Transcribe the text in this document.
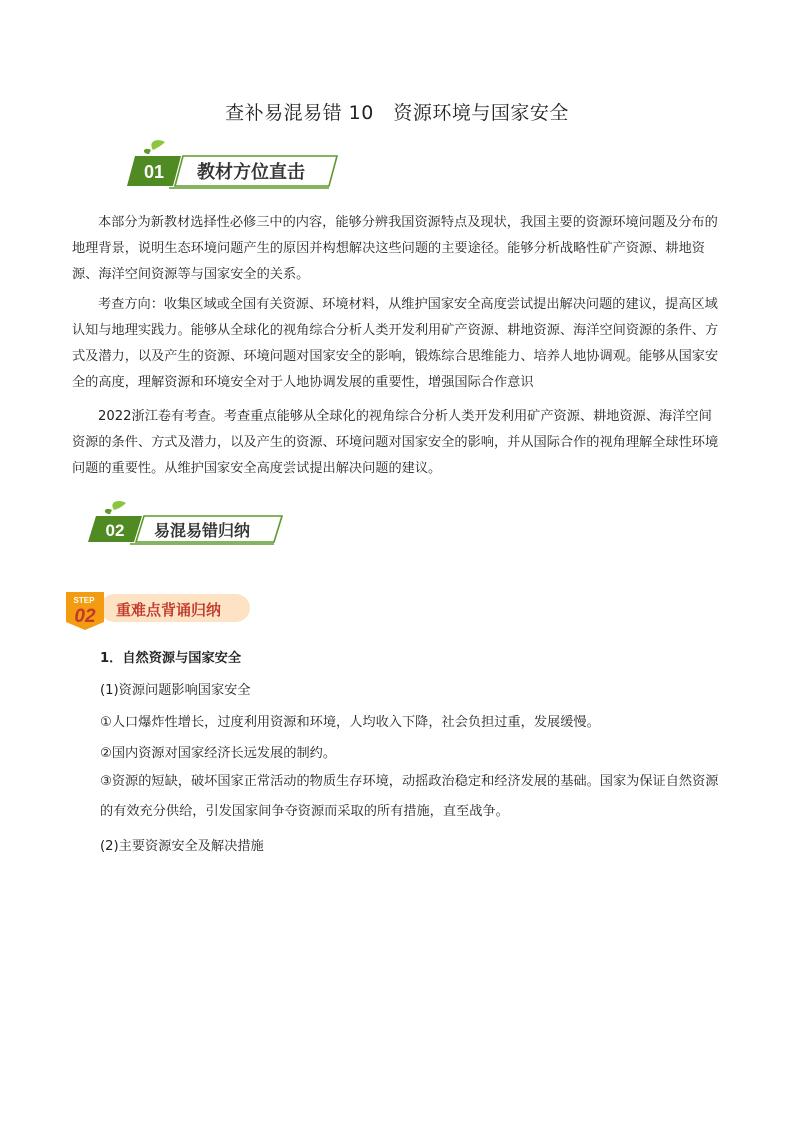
查补易混易错 10　资源环境与国家安全
01 教材方位直击

本部分为新教材选择性必修三中的内容，能够分辨我国资源特点及现状，我国主要的资源环境问题及分布的地理背景，说明生态环境问题产生的原因并构想解决这些问题的主要途径。能够分析战略性矿产资源、耕地资源、海洋空间资源等与国家安全的关系。

考查方向：收集区域或全国有关资源、环境材料，从维护国家安全高度尝试提出解决问题的建议，提高区域认知与地理实践力。能够从全球化的视角综合分析人类开发利用矿产资源、耕地资源、海洋空间资源的条件、方式及潜力，以及产生的资源、环境问题对国家安全的影响，锻炼综合思维能力、培养人地协调观。能够从国家安全的高度，理解资源和环境安全对于人地协调发展的重要性，增强国际合作意识

2022浙江卷有考查。考查重点能够从全球化的视角综合分析人类开发利用矿产资源、耕地资源、海洋空间资源的条件、方式及潜力，以及产生的资源、环境问题对国家安全的影响，并从国际合作的视角理解全球性环境问题的重要性。从维护国家安全高度尝试提出解决问题的建议。

02 易混易错归纳
STEP
02 重难点背诵归纳

1．自然资源与国家安全

(1)资源问题影响国家安全

①人口爆炸性增长，过度利用资源和环境，人均收入下降，社会负担过重，发展缓慢。

②国内资源对国家经济长远发展的制约。

③资源的短缺，破坏国家正常活动的物质生存环境，动摇政治稳定和经济发展的基础。国家为保证自然资源的有效充分供给，引发国家间争夺资源而采取的所有措施，直至战争。

(2)主要资源安全及解决措施
